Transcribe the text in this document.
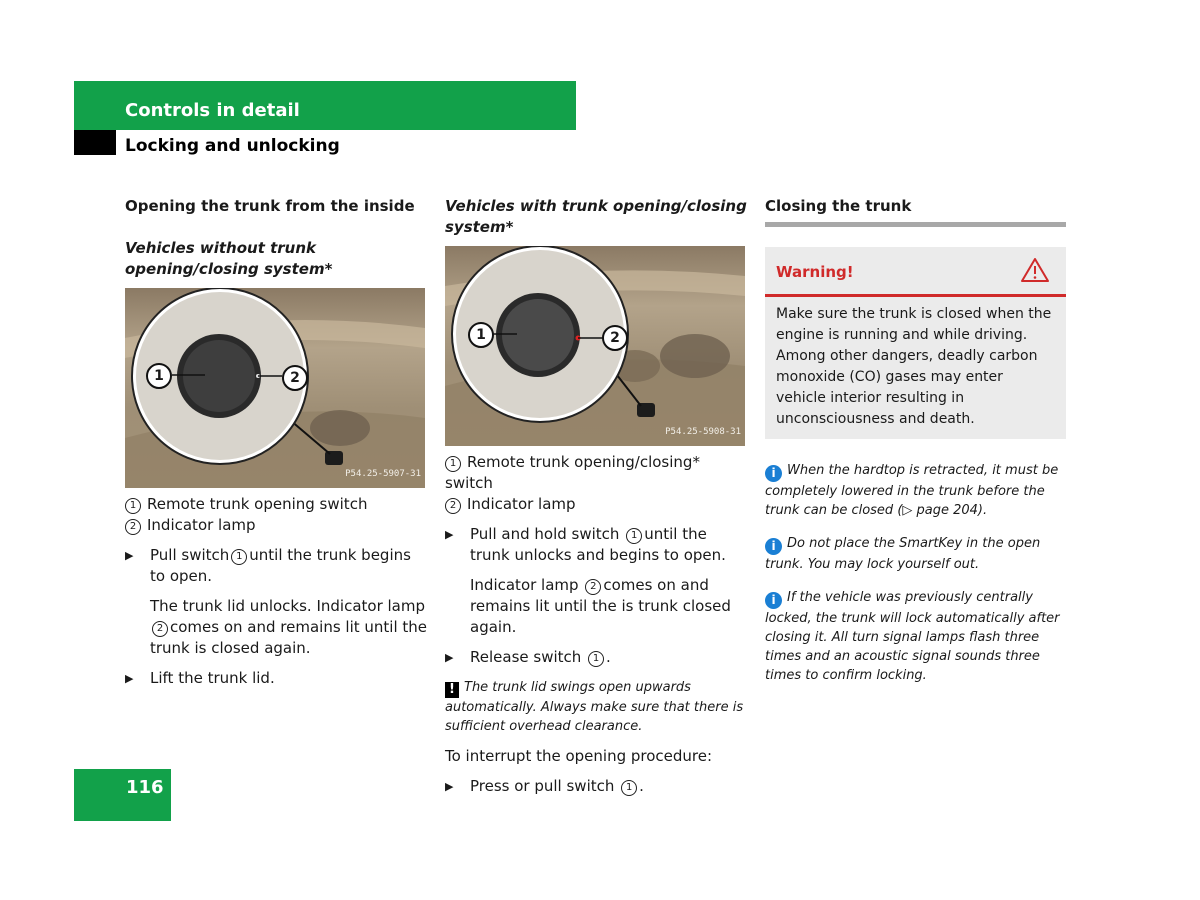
Controls in detail
Locking and unlocking

Opening the trunk from the inside

Vehicles without trunk opening/closing system*

1	2
P54.25-5907-31
1 Remote trunk opening switch
2 Indicator lamp

▶ Pull switch 1 until the trunk begins to open.

The trunk lid unlocks. Indicator lamp 2 comes on and remains lit until the trunk is closed again.

▶ Lift the trunk lid.

Vehicles with trunk opening/closing system*

1	2
P54.25-5908-31
1 Remote trunk opening/closing* switch
2 Indicator lamp

▶ Pull and hold switch 1 until the trunk unlocks and begins to open.

Indicator lamp 2 comes on and remains lit until the is trunk closed again.

▶ Release switch 1 .

! The trunk lid swings open upwards automatically. Always make sure that there is sufficient overhead clearance.

To interrupt the opening procedure:

▶ Press or pull switch 1 .

Closing the trunk

Warning!
Make sure the trunk is closed when the engine is running and while driving. Among other dangers, deadly carbon monoxide (CO) gases may enter vehicle interior resulting in unconsciousness and death.

i When the hardtop is retracted, it must be completely lowered in the trunk before the trunk can be closed (▷ page 204).

i Do not place the SmartKey in the open trunk. You may lock yourself out.

i If the vehicle was previously centrally locked, the trunk will lock automatically after closing it. All turn signal lamps flash three times and an acoustic signal sounds three times to confirm locking.

116
